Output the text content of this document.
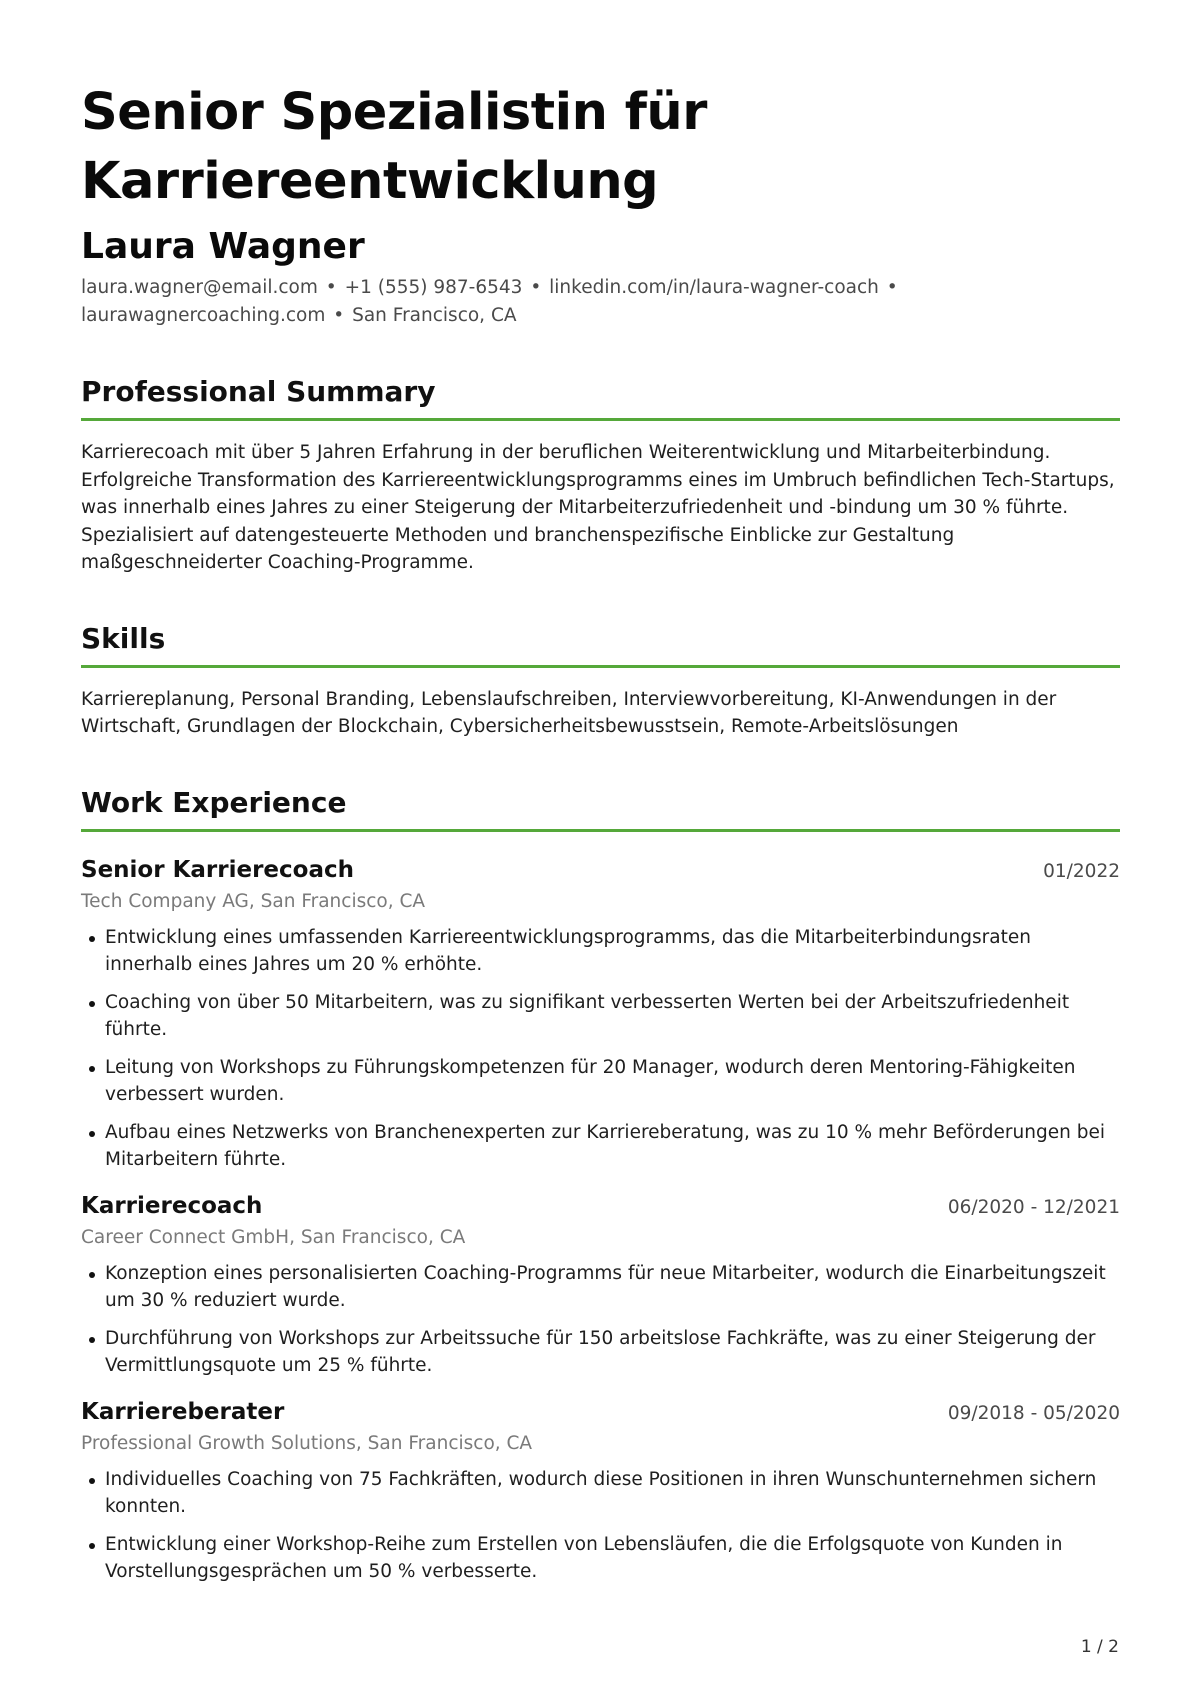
Senior Spezialistin für Karriereentwicklung
Laura Wagner

laura.wagner@email.com • +1 (555) 987-6543 • linkedin.com/in/laura-wagner-coach • laurawagnercoaching.com • San Francisco, CA

Professional Summary

Karrierecoach mit über 5 Jahren Erfahrung in der beruflichen Weiterentwicklung und Mitarbeiterbindung. Erfolgreiche Transformation des Karriereentwicklungsprogramms eines im Umbruch befindlichen Tech-Startups, was innerhalb eines Jahres zu einer Steigerung der Mitarbeiterzufriedenheit und -bindung um 30 % führte. Spezialisiert auf datengesteuerte Methoden und branchenspezifische Einblicke zur Gestaltung maßgeschneiderter Coaching-Programme.

Skills

Karriereplanung, Personal Branding, Lebenslaufschreiben, Interviewvorbereitung, KI-Anwendungen in der Wirtschaft, Grundlagen der Blockchain, Cybersicherheitsbewusstsein, Remote-Arbeitslösungen

Work Experience
Senior Karrierecoach	01/2022
Tech Company AG, San Francisco, CA
Entwicklung eines umfassenden Karriereentwicklungsprogramms, das die Mitarbeiterbindungsraten innerhalb eines Jahres um 20 % erhöhte.
Coaching von über 50 Mitarbeitern, was zu signifikant verbesserten Werten bei der Arbeitszufriedenheit führte.
Leitung von Workshops zu Führungskompetenzen für 20 Manager, wodurch deren Mentoring-Fähigkeiten verbessert wurden.
Aufbau eines Netzwerks von Branchenexperten zur Karriereberatung, was zu 10 % mehr Beförderungen bei Mitarbeitern führte.
Karrierecoach	06/2020 - 12/2021
Career Connect GmbH, San Francisco, CA
Konzeption eines personalisierten Coaching-Programms für neue Mitarbeiter, wodurch die Einarbeitungszeit um 30 % reduziert wurde.
Durchführung von Workshops zur Arbeitssuche für 150 arbeitslose Fachkräfte, was zu einer Steigerung der Vermittlungsquote um 25 % führte.
Karriereberater	09/2018 - 05/2020
Professional Growth Solutions, San Francisco, CA
Individuelles Coaching von 75 Fachkräften, wodurch diese Positionen in ihren Wunschunternehmen sichern konnten.
Entwicklung einer Workshop-Reihe zum Erstellen von Lebensläufen, die die Erfolgsquote von Kunden in Vorstellungsgesprächen um 50 % verbesserte.
1 / 2
